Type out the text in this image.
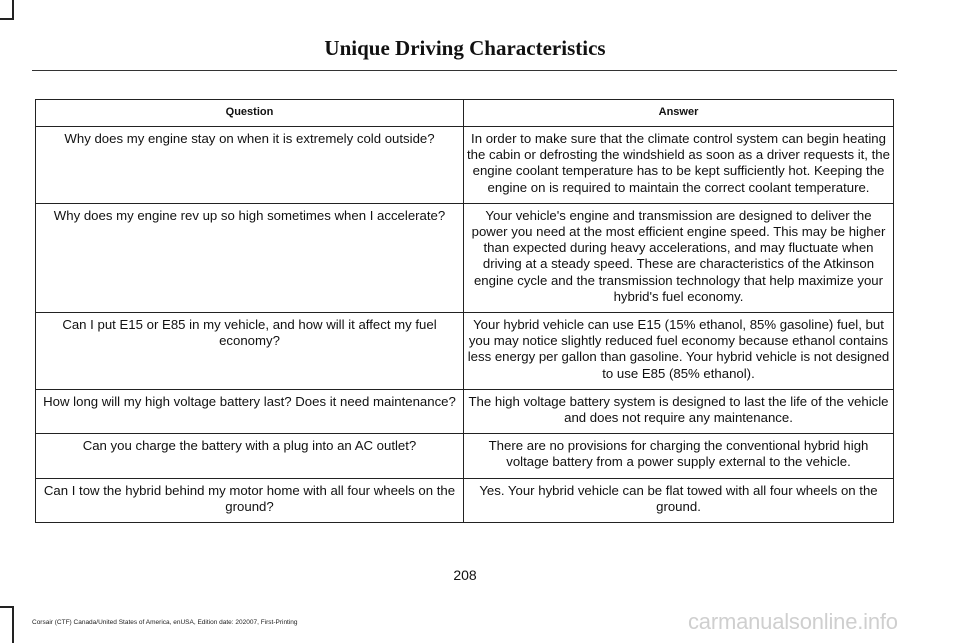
Unique Driving Characteristics
Question	Answer
Why does my engine stay on when it is extremely cold outside?	In order to make sure that the climate control system can begin heating the cabin or defrosting the windshield as soon as a driver requests it, the engine coolant temperature has to be kept sufficiently hot. Keeping the engine on is required to maintain the correct coolant temperature.
Why does my engine rev up so high sometimes when I accelerate?	Your vehicle's engine and transmission are designed to deliver the power you need at the most efficient engine speed. This may be higher than expected during heavy accelerations, and may fluctuate when driving at a steady speed. These are characteristics of the Atkinson engine cycle and the transmission technology that help maximize your hybrid's fuel economy.
Can I put E15 or E85 in my vehicle, and how will it affect my fuel economy?	Your hybrid vehicle can use E15 (15% ethanol, 85% gasoline) fuel, but you may notice slightly reduced fuel economy because ethanol contains less energy per gallon than gasoline. Your hybrid vehicle is not designed to use E85 (85% ethanol).
How long will my high voltage battery last? Does it need maintenance?	The high voltage battery system is designed to last the life of the vehicle and does not require any maintenance.
Can you charge the battery with a plug into an AC outlet?	There are no provisions for charging the conventional hybrid high voltage battery from a power supply external to the vehicle.
Can I tow the hybrid behind my motor home with all four wheels on the ground?	Yes. Your hybrid vehicle can be flat towed with all four wheels on the ground.
208
Corsair (CTF) Canada/United States of America, enUSA, Edition date: 202007, First-Printing	carmanualsonline.info
